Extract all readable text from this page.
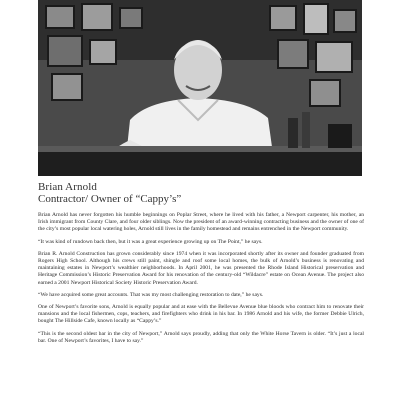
Brian Arnold
Contractor/ Owner of “Cappy’s”

Brian Arnold has never forgotten his humble beginnings on Poplar Street, where he lived with his father, a Newport carpenter, his mother, an Irish immigrant from County Clare, and four older siblings. Now the president of an award-winning contracting business and the owner of one of the city’s most popular local watering holes, Arnold still lives in the family homestead and remains entrenched in the Newport community.

“It was kind of rundown back then, but it was a great experience growing up on The Point,” he says.

Brian R. Arnold Construction has grown considerably since 1974 when it was incorporated shortly after its owner and founder graduated from Rogers High School. Although his crews still paint, shingle and roof some local homes, the bulk of Arnold’s business is renovating and maintaining estates in Newport’s wealthier neighborhoods. In April 2001, he was presented the Rhode Island Historical preservation and Heritage Commission’s Historic Preservation Award for his renovation of the century-old “Wildacre” estate on Ocean Avenue. The project also earned a 2001 Newport Historical Society Historic Preservation Award.

“We have acquired some great accounts. That was my most challenging restoration to date,” he says.

One of Newport’s favorite sons, Arnold is equally popular and at ease with the Bellevue Avenue blue bloods who contract him to renovate their mansions and the local fishermen, cops, teachers, and firefighters who drink in his bar. In 1986 Arnold and his wife, the former Debbie Ulrich, bought The Hillside Cafe, known locally as “Cappy’s.”

“This is the second oldest bar in the city of Newport,” Arnold says proudly, adding that only the White Horse Tavern is older. “It’s just a local bar. One of Newport’s favorites, I have to say.”
